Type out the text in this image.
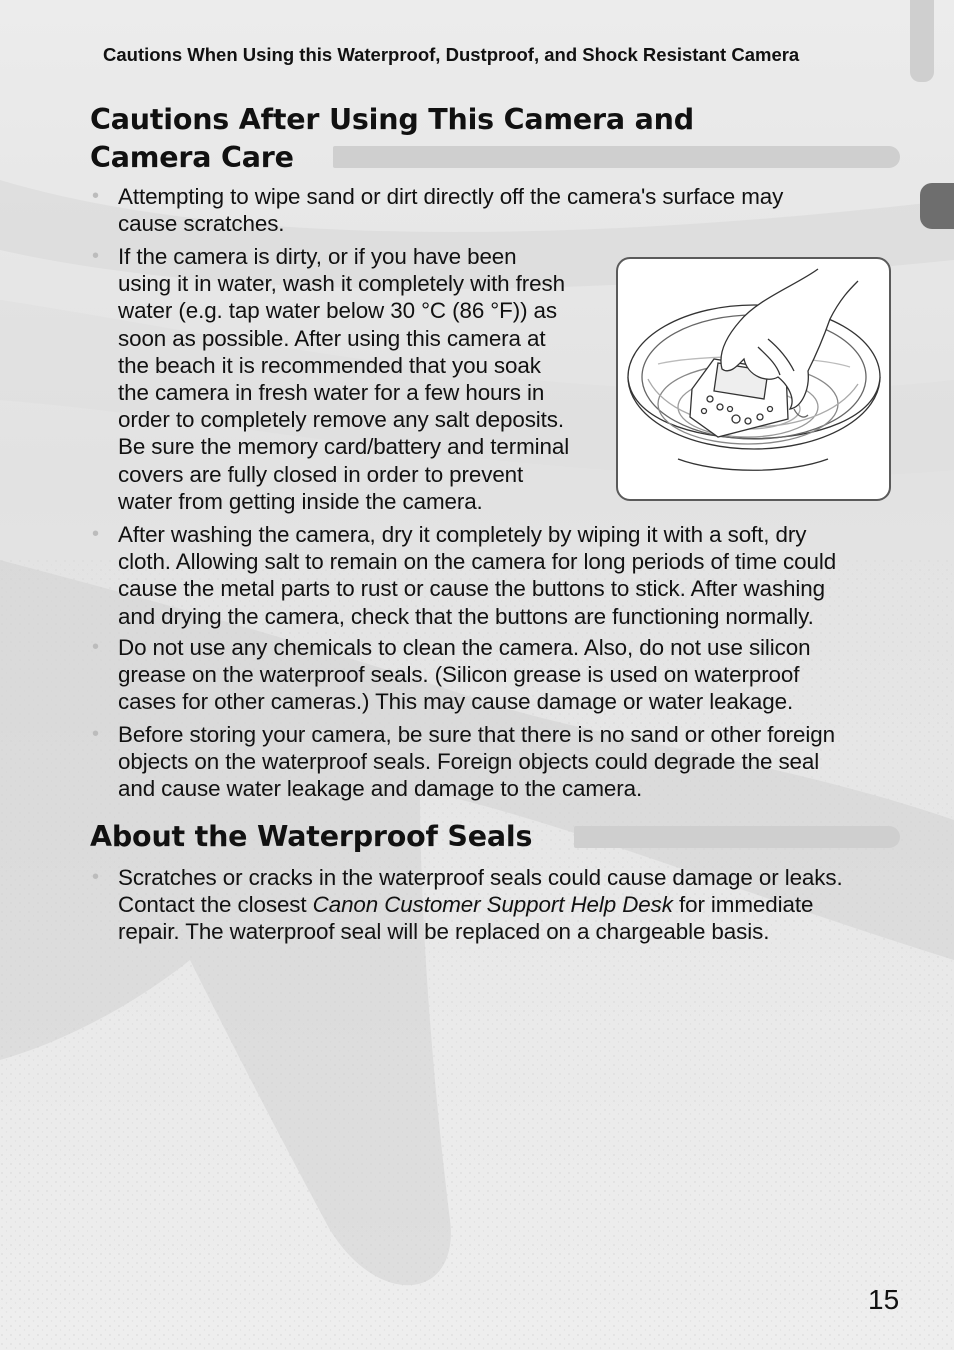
Cautions When Using this Waterproof, Dustproof, and Shock Resistant Camera
Cautions After Using This Camera and
Camera Care
• Attempting to wipe sand or dirt directly off the camera's surface may
cause scratches.
• If the camera is dirty, or if you have been
using it in water, wash it completely with fresh
water (e.g. tap water below 30 °C (86 °F)) as
soon as possible. After using this camera at
the beach it is recommended that you soak
the camera in fresh water for a few hours in
order to completely remove any salt deposits.
Be sure the memory card/battery and terminal
covers are fully closed in order to prevent
water from getting inside the camera.
• After washing the camera, dry it completely by wiping it with a soft, dry
cloth. Allowing salt to remain on the camera for long periods of time could
cause the metal parts to rust or cause the buttons to stick. After washing
and drying the camera, check that the buttons are functioning normally.
• Do not use any chemicals to clean the camera. Also, do not use silicon
grease on the waterproof seals. (Silicon grease is used on waterproof
cases for other cameras.) This may cause damage or water leakage.
• Before storing your camera, be sure that there is no sand or other foreign
objects on the waterproof seals. Foreign objects could degrade the seal
and cause water leakage and damage to the camera.
About the Waterproof Seals
• Scratches or cracks in the waterproof seals could cause damage or leaks.
Contact the closest Canon Customer Support Help Desk for immediate
repair. The waterproof seal will be replaced on a chargeable basis.
15
